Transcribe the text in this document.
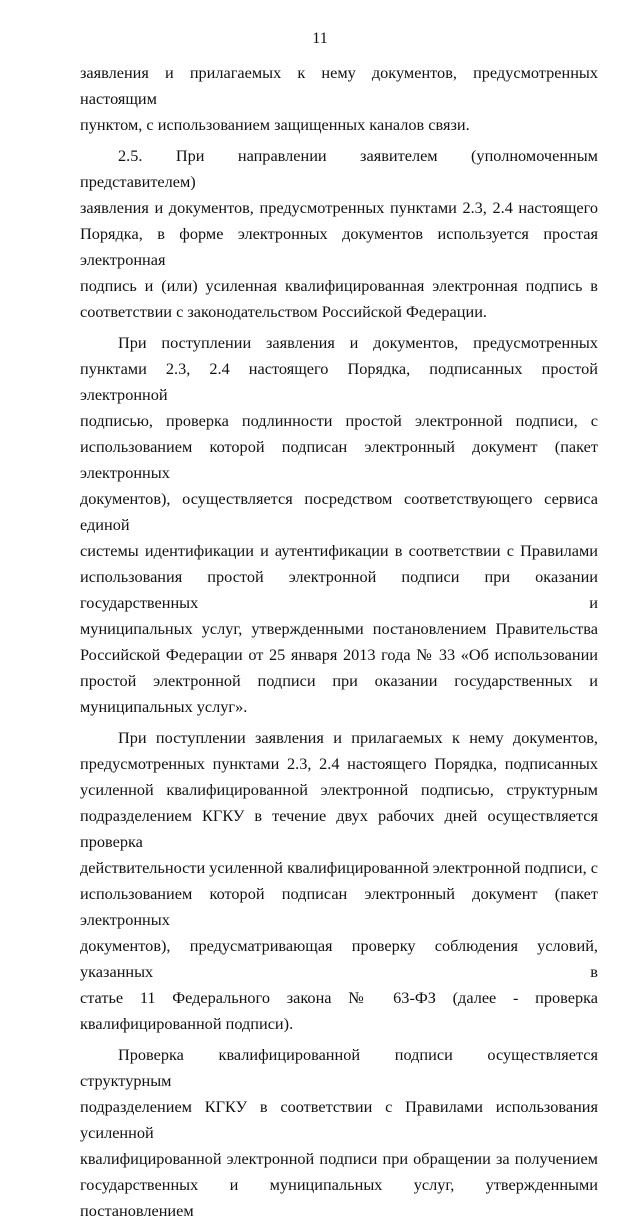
11

заявления и прилагаемых к нему документов, предусмотренных настоящим
пунктом, с использованием защищенных каналов связи.

2.5. При направлении заявителем (уполномоченным представителем)
заявления и документов, предусмотренных пунктами 2.3, 2.4 настоящего
Порядка, в форме электронных документов используется простая электронная
подпись и (или) усиленная квалифицированная электронная подпись в
соответствии с законодательством Российской Федерации.

При поступлении заявления и документов, предусмотренных
пунктами 2.3, 2.4 настоящего Порядка, подписанных простой электронной
подписью, проверка подлинности простой электронной подписи, с
использованием которой подписан электронный документ (пакет электронных
документов), осуществляется посредством соответствующего сервиса единой
системы идентификации и аутентификации в соответствии с Правилами
использования простой электронной подписи при оказании государственных и
муниципальных услуг, утвержденными постановлением Правительства
Российской Федерации от 25 января 2013 года № 33 «Об использовании
простой электронной подписи при оказании государственных и
муниципальных услуг».

При поступлении заявления и прилагаемых к нему документов,
предусмотренных пунктами 2.3, 2.4 настоящего Порядка, подписанных
усиленной квалифицированной электронной подписью, структурным
подразделением КГКУ в течение двух рабочих дней осуществляется проверка
действительности усиленной квалифицированной электронной подписи, с
использованием которой подписан электронный документ (пакет электронных
документов), предусматривающая проверку соблюдения условий, указанных в
статье 11 Федерального закона № 63-ФЗ (далее - проверка
квалифицированной подписи).

Проверка квалифицированной подписи осуществляется структурным
подразделением КГКУ в соответствии с Правилами использования усиленной
квалифицированной электронной подписи при обращении за получением
государственных и муниципальных услуг, утвержденными постановлением
